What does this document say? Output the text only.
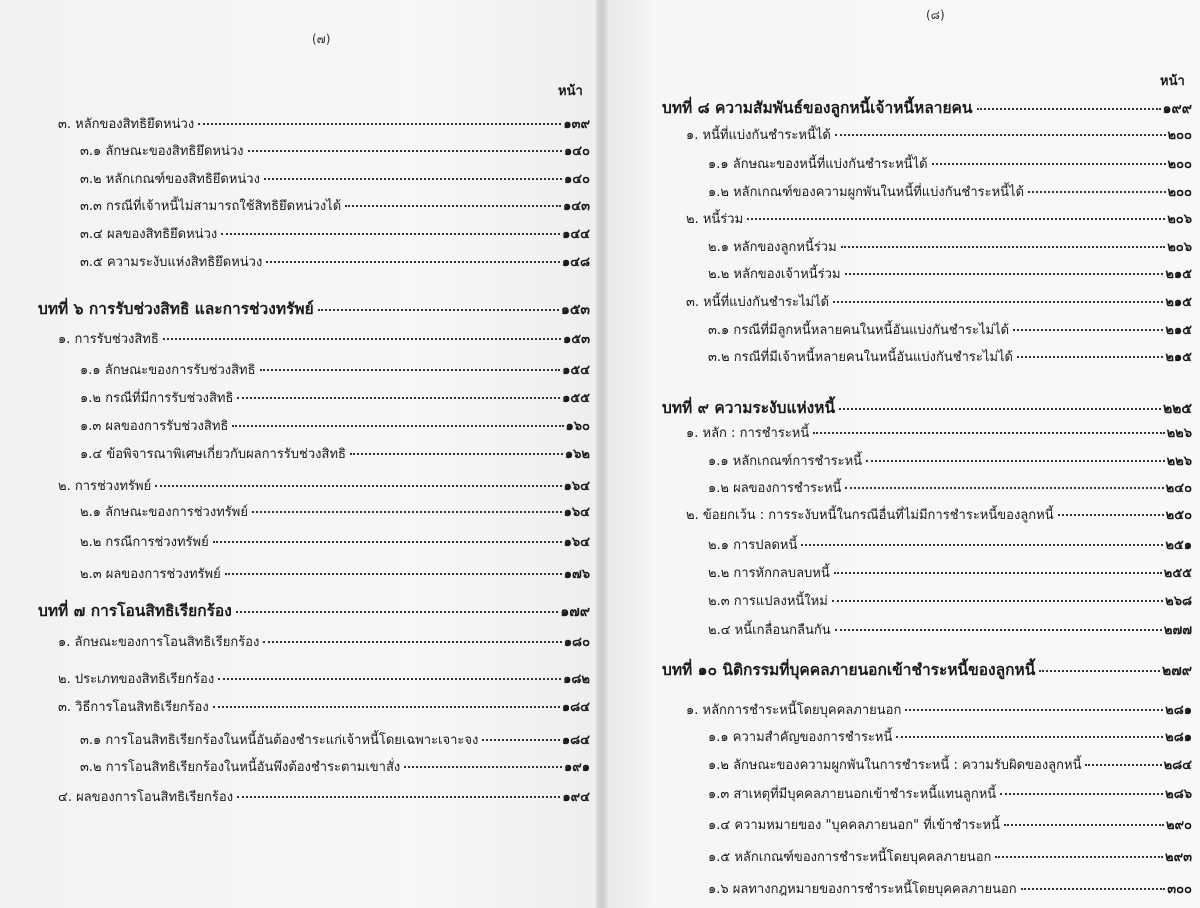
(๗)
หน้า
๓. หลักของสิทธิยึดหน่วง	๑๓๙
๓.๑ ลักษณะของสิทธิยึดหน่วง	๑๔๐
๓.๒ หลักเกณฑ์ของสิทธิยึดหน่วง	๑๔๐
๓.๓ กรณีที่เจ้าหนี้ไม่สามารถใช้สิทธิยึดหน่วงได้	๑๔๓
๓.๔ ผลของสิทธิยึดหน่วง	๑๔๔
๓.๕ ความระงับแห่งสิทธิยึดหน่วง	๑๔๘
บทที่ ๖ การรับช่วงสิทธิ และการช่วงทรัพย์	๑๕๓
๑. การรับช่วงสิทธิ	๑๕๓
๑.๑ ลักษณะของการรับช่วงสิทธิ	๑๕๔
๑.๒ กรณีที่มีการรับช่วงสิทธิ	๑๕๕
๑.๓ ผลของการรับช่วงสิทธิ	๑๖๐
๑.๔ ข้อพิจารณาพิเศษเกี่ยวกับผลการรับช่วงสิทธิ	๑๖๒
๒. การช่วงทรัพย์	๑๖๔
๒.๑ ลักษณะของการช่วงทรัพย์	๑๖๔
๒.๒ กรณีการช่วงทรัพย์	๑๖๔
๒.๓ ผลของการช่วงทรัพย์	๑๗๖
บทที่ ๗ การโอนสิทธิเรียกร้อง	๑๗๙
๑. ลักษณะของการโอนสิทธิเรียกร้อง	๑๘๐
๒. ประเภทของสิทธิเรียกร้อง	๑๘๒
๓. วิธีการโอนสิทธิเรียกร้อง	๑๘๔
๓.๑ การโอนสิทธิเรียกร้องในหนี้อันต้องชำระแก่เจ้าหนี้โดยเฉพาะเจาะจง	๑๘๔
๓.๒ การโอนสิทธิเรียกร้องในหนี้อันพึงต้องชำระตามเขาสั่ง	๑๙๑
๔. ผลของการโอนสิทธิเรียกร้อง	๑๙๔
(๘)
หน้า
บทที่ ๘ ความสัมพันธ์ของลูกหนี้เจ้าหนี้หลายคน	๑๙๙
๑. หนี้ที่แบ่งกันชำระหนี้ได้	๒๐๐
๑.๑ ลักษณะของหนี้ที่แบ่งกันชำระหนี้ได้	๒๐๐
๑.๒ หลักเกณฑ์ของความผูกพันในหนี้ที่แบ่งกันชำระหนี้ได้	๒๐๐
๒. หนี้ร่วม	๒๐๖
๒.๑ หลักของลูกหนี้ร่วม	๒๐๖
๒.๒ หลักของเจ้าหนี้ร่วม	๒๑๕
๓. หนี้ที่แบ่งกันชำระไม่ได้	๒๑๕
๓.๑ กรณีที่มีลูกหนี้หลายคนในหนี้อันแบ่งกันชำระไม่ได้	๒๑๕
๓.๒ กรณีที่มีเจ้าหนี้หลายคนในหนี้อันแบ่งกันชำระไม่ได้	๒๑๕
บทที่ ๙ ความระงับแห่งหนี้	๒๒๕
๑. หลัก : การชำระหนี้	๒๒๖
๑.๑ หลักเกณฑ์การชำระหนี้	๒๒๖
๑.๒ ผลของการชำระหนี้	๒๔๐
๒. ข้อยกเว้น : การระงับหนี้ในกรณีอื่นที่ไม่มีการชำระหนี้ของลูกหนี้	๒๕๐
๒.๑ การปลดหนี้	๒๕๑
๒.๒ การหักกลบลบหนี้	๒๕๕
๒.๓ การแปลงหนี้ใหม่	๒๖๘
๒.๔ หนี้เกลื่อนกลืนกัน	๒๗๗
บทที่ ๑๐ นิติกรรมที่บุคคลภายนอกเข้าชำระหนี้ของลูกหนี้	๒๗๙
๑. หลักการชำระหนี้โดยบุคคลภายนอก	๒๘๑
๑.๑ ความสำคัญของการชำระหนี้	๒๘๑
๑.๒ ลักษณะของความผูกพันในการชำระหนี้ : ความรับผิดของลูกหนี้	๒๘๔
๑.๓ สาเหตุที่มีบุคคลภายนอกเข้าชำระหนี้แทนลูกหนี้	๒๘๖
๑.๔ ความหมายของ "บุคคลภายนอก" ที่เข้าชำระหนี้	๒๙๐
๑.๕ หลักเกณฑ์ของการชำระหนี้โดยบุคคลภายนอก	๒๙๓
๑.๖ ผลทางกฎหมายของการชำระหนี้โดยบุคคลภายนอก	๓๐๐
